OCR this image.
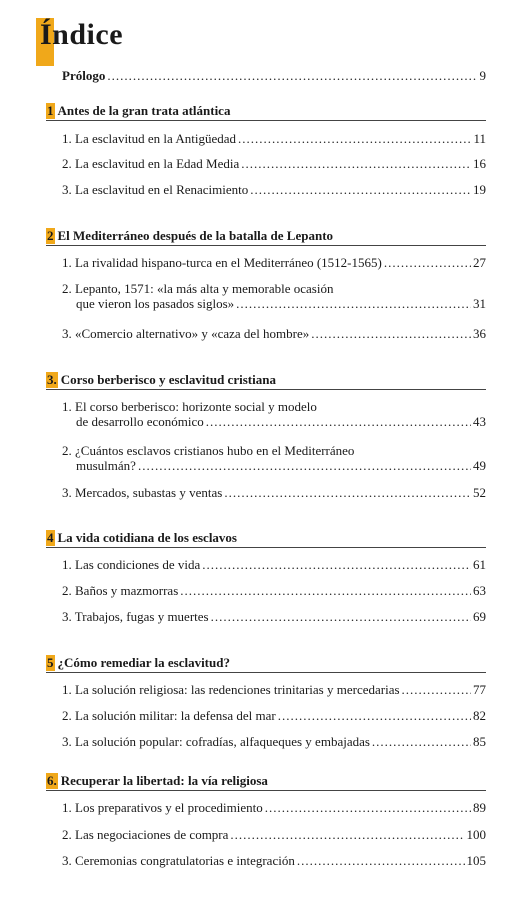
Índice
Prólogo .....	9
1 Antes de la gran trata atlántica
1. La esclavitud en la Antigüedad .....	11
2. La esclavitud en la Edad Media .....	16
3. La esclavitud en el Renacimiento .....	19
2 El Mediterráneo después de la batalla de Lepanto
1. La rivalidad hispano-turca en el Mediterráneo (1512-1565) .....	27
2. Lepanto, 1571: «la más alta y memorable ocasión
que vieron los pasados siglos» .....	31
3. «Comercio alternativo» y «caza del hombre» .....	36
3. Corso berberisco y esclavitud cristiana
1. El corso berberisco: horizonte social y modelo
de desarrollo económico .....	43
2. ¿Cuántos esclavos cristianos hubo en el Mediterráneo
musulmán? .....	49
3. Mercados, subastas y ventas .....	52
4 La vida cotidiana de los esclavos
1. Las condiciones de vida .....	61
2. Baños y mazmorras .....	63
3. Trabajos, fugas y muertes .....	69
5 ¿Cómo remediar la esclavitud?
1. La solución religiosa: las redenciones trinitarias y mercedarias .....	77
2. La solución militar: la defensa del mar .....	82
3. La solución popular: cofradías, alfaqueques y embajadas .....	85
6. Recuperar la libertad: la vía religiosa
1. Los preparativos y el procedimiento .....	89
2. Las negociaciones de compra .....	100
3. Ceremonias congratulatorias e integración .....	105
